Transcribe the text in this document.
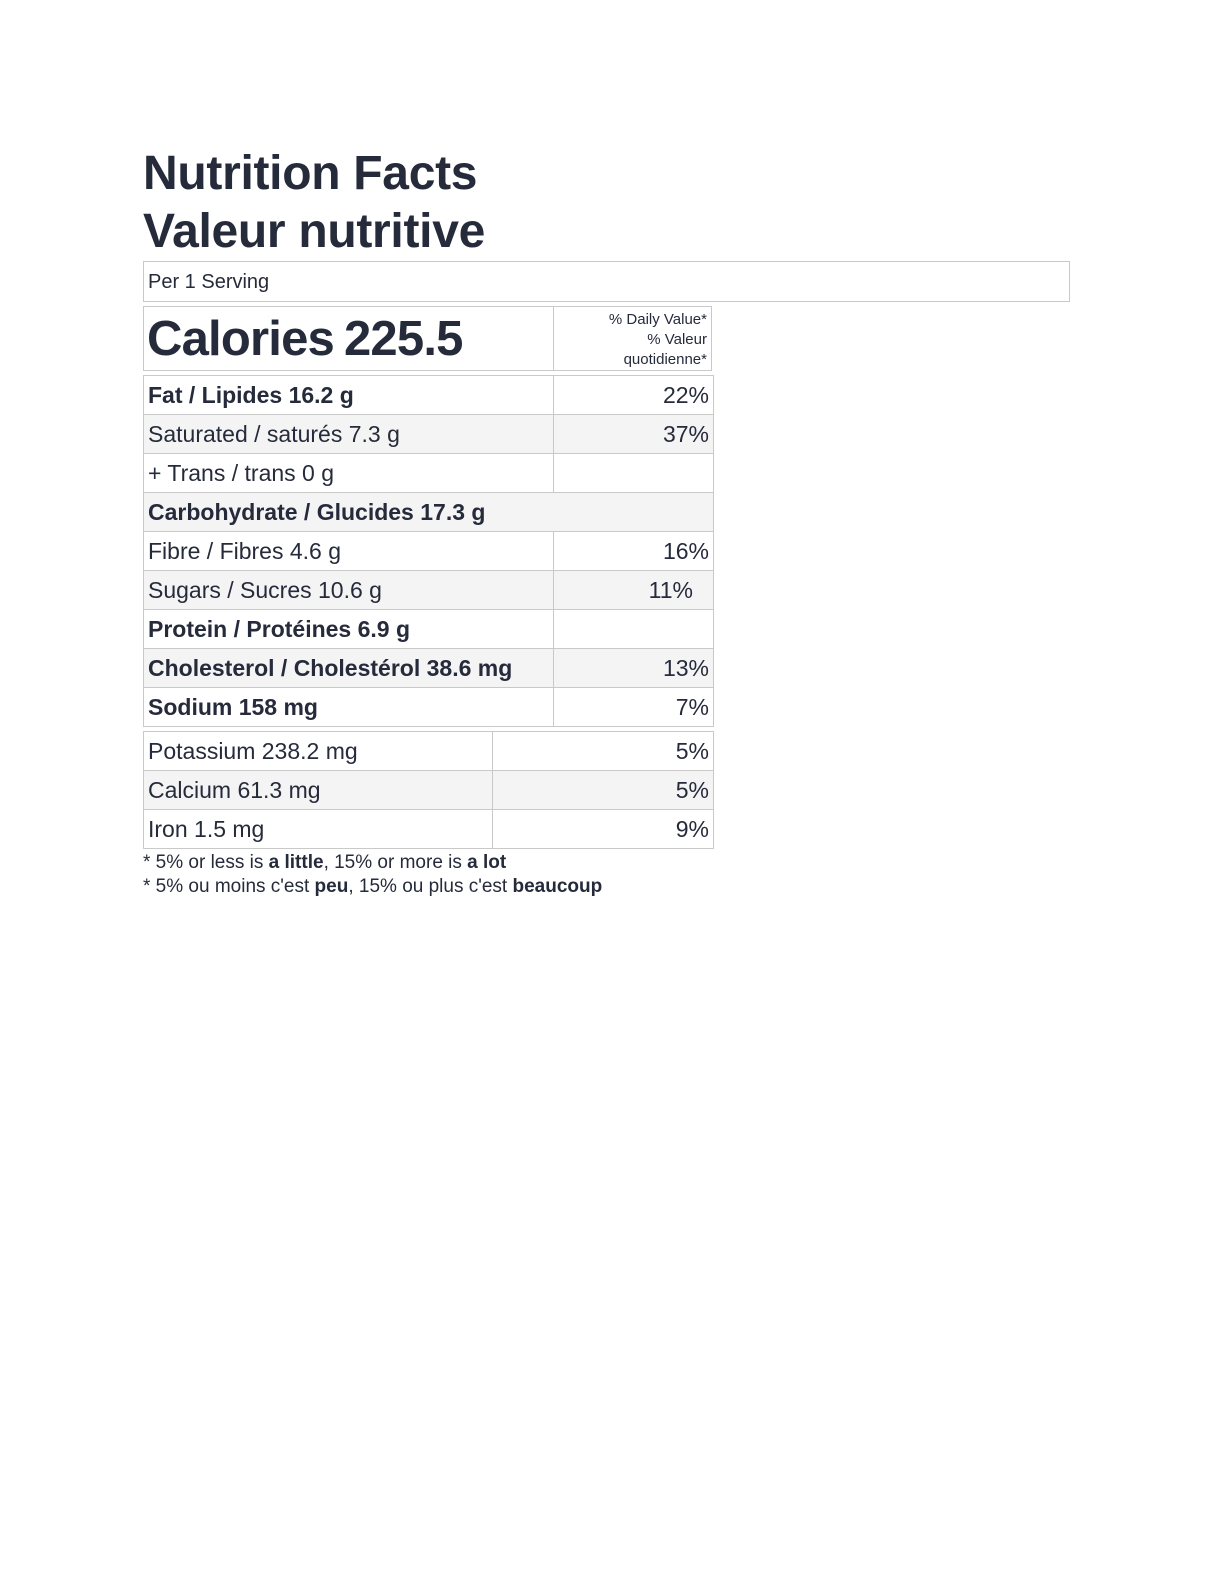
Nutrition Facts
Valeur nutritive
Per 1 Serving
Calories 225.5	% Daily Value*
% Valeur
quotidienne*
Fat / Lipides 16.2 g	22%
Saturated / saturés 7.3 g	37%
+ Trans / trans 0 g	
Carbohydrate / Glucides 17.3 g	
Fibre / Fibres 4.6 g	16%
Sugars / Sucres 10.6 g	11%
Protein / Protéines 6.9 g	
Cholesterol / Cholestérol 38.6 mg	13%
Sodium 158 mg	7%
Potassium 238.2 mg	5%
Calcium 61.3 mg	5%
Iron 1.5 mg	9%
* 5% or less is a little, 15% or more is a lot
* 5% ou moins c'est peu, 15% ou plus c'est beaucoup
